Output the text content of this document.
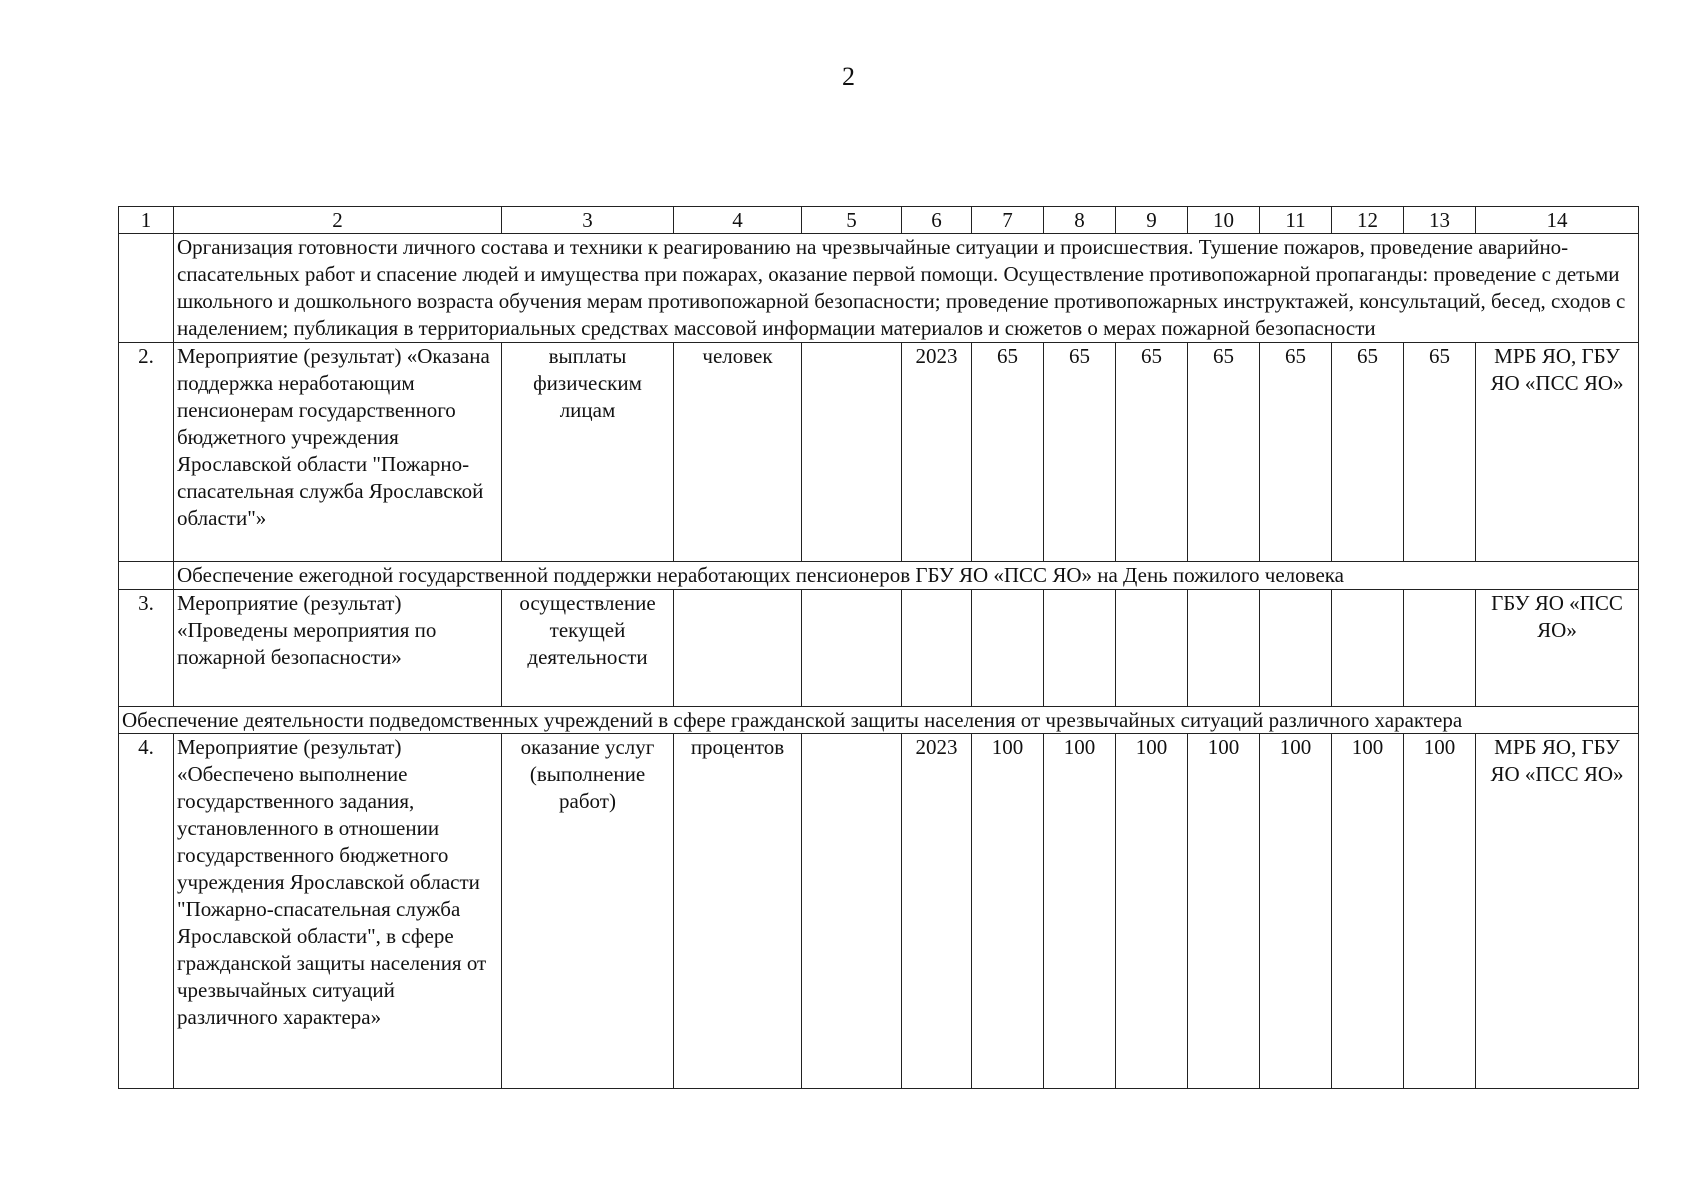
2
1	2	3	4	5	6	7	8	9	10	11	12	13	14
	Организация готовности личного состава и техники к реагированию на чрезвычайные ситуации и происшествия. Тушение пожаров, проведение аварийно-спасательных работ и спасение людей и имущества при пожарах, оказание первой помощи. Осуществление противопожарной пропаганды: проведение с детьми школьного и дошкольного возраста обучения мерам противопожарной безопасности; проведение противопожарных инструктажей, консультаций, бесед, сходов с наделением; публикация в территориальных средствах массовой информации материалов и сюжетов о мерах пожарной безопасности												
2.	Мероприятие (результат) «Оказана поддержка неработающим пенсионерам государственного бюджетного учреждения Ярославской области "Пожарно-спасательная служба Ярославской области"»	выплаты физическим лицам	человек		2023	65	65	65	65	65	65	65	МРБ ЯО, ГБУ ЯО «ПСС ЯО»
	Обеспечение ежегодной государственной поддержки неработающих пенсионеров ГБУ ЯО «ПСС ЯО» на День пожилого человека												
3.	Мероприятие (результат) «Проведены мероприятия по пожарной безопасности»	осуществление текущей деятельности											ГБУ ЯО «ПСС ЯО»
Обеспечение деятельности подведомственных учреждений в сфере гражданской защиты населения от чрезвычайных ситуаций различного характера													
4.	Мероприятие (результат) «Обеспечено выполнение государственного задания, установленного в отношении государственного бюджетного учреждения Ярославской области "Пожарно-спасательная служба Ярославской области", в сфере гражданской защиты населения от чрезвычайных ситуаций различного характера»	оказание услуг (выполнение работ)	процентов		2023	100	100	100	100	100	100	100	МРБ ЯО, ГБУ ЯО «ПСС ЯО»
